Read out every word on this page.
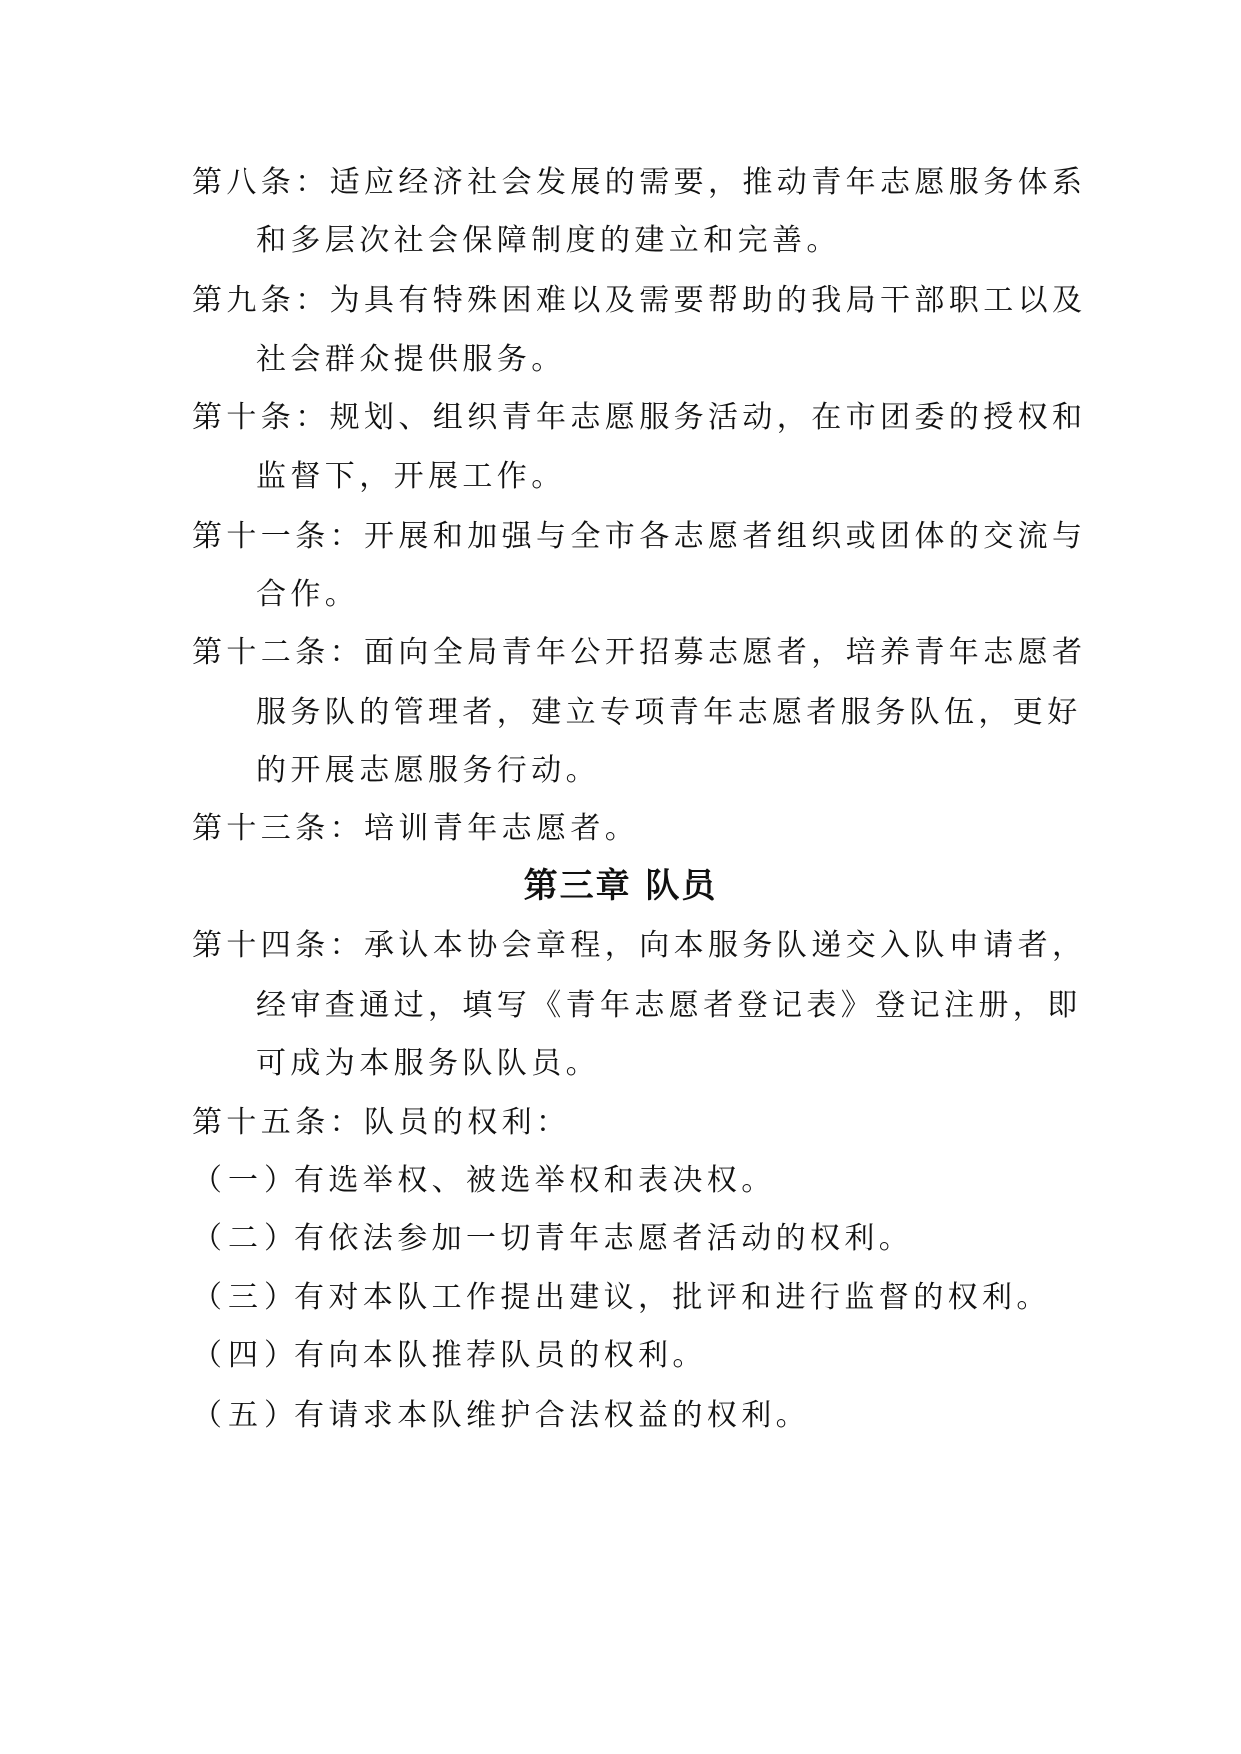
第八条：适应经济社会发展的需要，推动青年志愿服务体系
和多层次社会保障制度的建立和完善。
第九条：为具有特殊困难以及需要帮助的我局干部职工以及
社会群众提供服务。
第十条：规划、组织青年志愿服务活动，在市团委的授权和
监督下，开展工作。
第十一条：开展和加强与全市各志愿者组织或团体的交流与
合作。
第十二条：面向全局青年公开招募志愿者，培养青年志愿者
服务队的管理者，建立专项青年志愿者服务队伍，更好
的开展志愿服务行动。
第十三条：培训青年志愿者。
第三章 队员
第十四条：承认本协会章程，向本服务队递交入队申请者，
经审查通过，填写《青年志愿者登记表》登记注册，即
可成为本服务队队员。
第十五条：队员的权利：
（一）有选举权、被选举权和表决权。
（二）有依法参加一切青年志愿者活动的权利。
（三）有对本队工作提出建议，批评和进行监督的权利。
（四）有向本队推荐队员的权利。
（五）有请求本队维护合法权益的权利。
